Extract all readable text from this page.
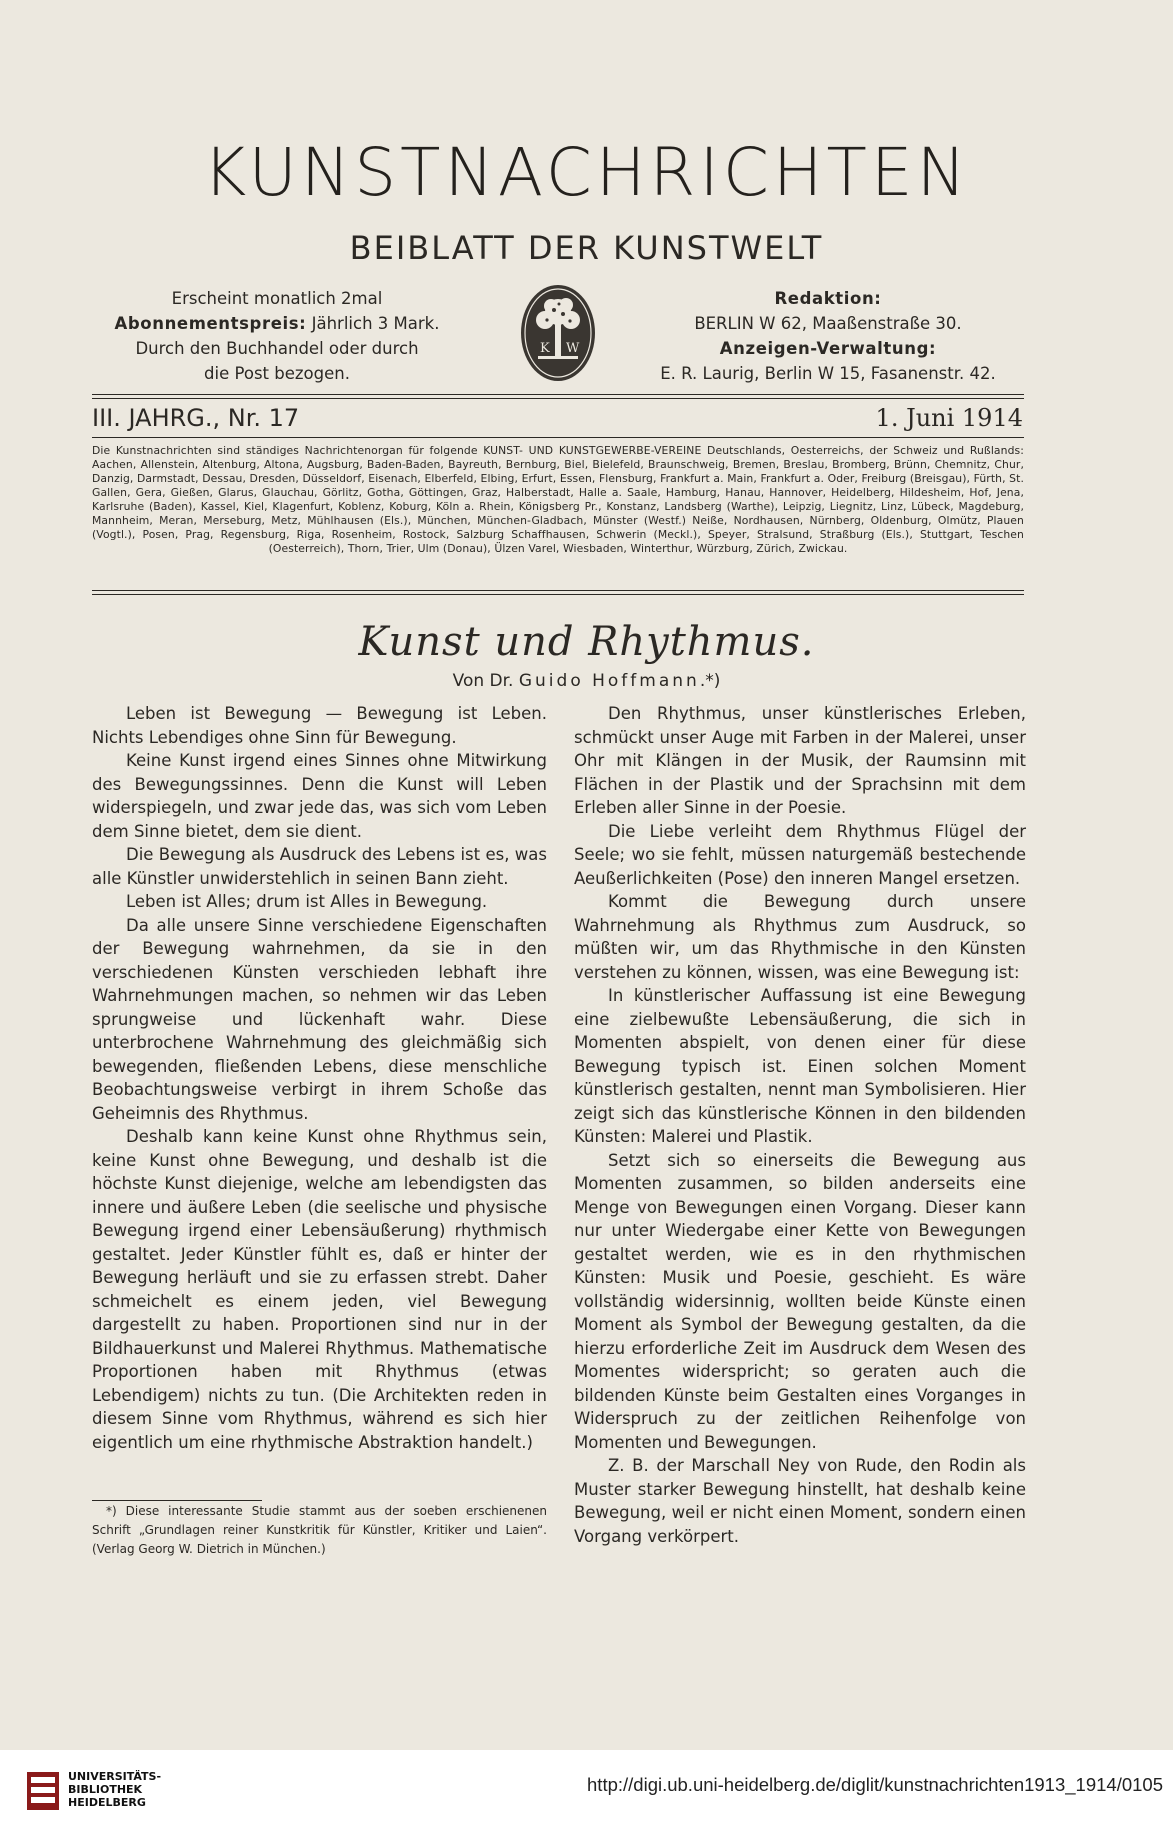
KUNSTNACHRICHTEN
BEIBLATT DER KUNSTWELT
Erscheint monatlich 2mal
Abonnementspreis: Jährlich 3 Mark.
Durch den Buchhandel oder durch
die Post bezogen.
K W
Redaktion:
BERLIN W 62, Maaßenstraße 30.
Anzeigen-Verwaltung:
E. R. Laurig, Berlin W 15, Fasanenstr. 42.
III. JAHRG., Nr. 17	1. Juni 1914
Die Kunstnachrichten sind ständiges Nachrichtenorgan für folgende KUNST- UND KUNSTGEWERBE-VEREINE Deutschlands, Oesterreichs, der Schweiz und Rußlands: Aachen, Allenstein, Altenburg, Altona, Augsburg, Baden-Baden, Bayreuth, Bernburg, Biel, Bielefeld, Braunschweig, Bremen, Breslau, Bromberg, Brünn, Chemnitz, Chur, Danzig, Darmstadt, Dessau, Dresden, Düsseldorf, Eisenach, Elberfeld, Elbing, Erfurt, Essen, Flensburg, Frankfurt a. Main, Frankfurt a. Oder, Freiburg (Breisgau), Fürth, St. Gallen, Gera, Gießen, Glarus, Glauchau, Görlitz, Gotha, Göttingen, Graz, Halberstadt, Halle a. Saale, Hamburg, Hanau, Hannover, Heidelberg, Hildesheim, Hof, Jena, Karlsruhe (Baden), Kassel, Kiel, Klagenfurt, Koblenz, Koburg, Köln a. Rhein, Königsberg Pr., Konstanz, Landsberg (Warthe), Leipzig, Liegnitz, Linz, Lübeck, Magdeburg, Mannheim, Meran, Merseburg, Metz, Mühlhausen (Els.), München, München-Gladbach, Münster (Westf.) Neiße, Nordhausen, Nürnberg, Oldenburg, Olmütz, Plauen (Vogtl.), Posen, Prag, Regensburg, Riga, Rosenheim, Rostock, Salzburg Schaffhausen, Schwerin (Meckl.), Speyer, Stralsund, Straßburg (Els.), Stuttgart, Teschen (Oesterreich), Thorn, Trier, Ulm (Donau), Ülzen Varel, Wiesbaden, Winterthur, Würzburg, Zürich, Zwickau.
Kunst und Rhythmus.
Von Dr. Guido Hoffmann.*)

Leben ist Bewegung — Bewegung ist Leben. Nichts Lebendiges ohne Sinn für Bewegung.

Keine Kunst irgend eines Sinnes ohne Mitwirkung des Bewegungssinnes. Denn die Kunst will Leben widerspiegeln, und zwar jede das, was sich vom Leben dem Sinne bietet, dem sie dient.

Die Bewegung als Ausdruck des Lebens ist es, was alle Künstler unwiderstehlich in seinen Bann zieht.

Leben ist Alles; drum ist Alles in Bewegung.

Da alle unsere Sinne verschiedene Eigenschaften der Bewegung wahrnehmen, da sie in den verschiedenen Künsten verschieden lebhaft ihre Wahrnehmungen machen, so nehmen wir das Leben sprungweise und lückenhaft wahr. Diese unterbrochene Wahrnehmung des gleichmäßig sich bewegenden, fließenden Lebens, diese menschliche Beobachtungsweise verbirgt in ihrem Schoße das Geheimnis des Rhythmus.

Deshalb kann keine Kunst ohne Rhythmus sein, keine Kunst ohne Bewegung, und deshalb ist die höchste Kunst diejenige, welche am lebendigsten das innere und äußere Leben (die seelische und physische Bewegung irgend einer Lebensäußerung) rhythmisch gestaltet. Jeder Künstler fühlt es, daß er hinter der Bewegung herläuft und sie zu erfassen strebt. Daher schmeichelt es einem jeden, viel Bewegung dargestellt zu haben. Proportionen sind nur in der Bildhauerkunst und Malerei Rhythmus. Mathematische Proportionen haben mit Rhythmus (etwas Lebendigem) nichts zu tun. (Die Architekten reden in diesem Sinne vom Rhythmus, während es sich hier eigentlich um eine rhythmische Abstraktion handelt.)

Den Rhythmus, unser künstlerisches Erleben, schmückt unser Auge mit Farben in der Malerei, unser Ohr mit Klängen in der Musik, der Raumsinn mit Flächen in der Plastik und der Sprachsinn mit dem Erleben aller Sinne in der Poesie.

Die Liebe verleiht dem Rhythmus Flügel der Seele; wo sie fehlt, müssen naturgemäß bestechende Aeußerlichkeiten (Pose) den inneren Mangel ersetzen.

Kommt die Bewegung durch unsere Wahrnehmung als Rhythmus zum Ausdruck, so müßten wir, um das Rhythmische in den Künsten verstehen zu können, wissen, was eine Bewegung ist:

In künstlerischer Auffassung ist eine Bewegung eine zielbewußte Lebensäußerung, die sich in Momenten abspielt, von denen einer für diese Bewegung typisch ist. Einen solchen Moment künstlerisch gestalten, nennt man Symbolisieren. Hier zeigt sich das künstlerische Können in den bildenden Künsten: Malerei und Plastik.

Setzt sich so einerseits die Bewegung aus Momenten zusammen, so bilden anderseits eine Menge von Bewegungen einen Vorgang. Dieser kann nur unter Wiedergabe einer Kette von Bewegungen gestaltet werden, wie es in den rhythmischen Künsten: Musik und Poesie, geschieht. Es wäre vollständig widersinnig, wollten beide Künste einen Moment als Symbol der Bewegung gestalten, da die hierzu erforderliche Zeit im Ausdruck dem Wesen des Momentes widerspricht; so geraten auch die bildenden Künste beim Gestalten eines Vorganges in Widerspruch zu der zeitlichen Reihenfolge von Momenten und Bewegungen.

Z. B. der Marschall Ney von Rude, den Rodin als Muster starker Bewegung hinstellt, hat deshalb keine Bewegung, weil er nicht einen Moment, sondern einen Vorgang verkörpert.

*) Diese interessante Studie stammt aus der soeben erschienenen Schrift „Grundlagen reiner Kunstkritik für Künstler, Kritiker und Laien“. (Verlag Georg W. Dietrich in München.)

UNIVERSITÄTS-
BIBLIOTHEK
HEIDELBERG
http://digi.ub.uni-heidelberg.de/diglit/kunstnachrichten1913_1914/0105
